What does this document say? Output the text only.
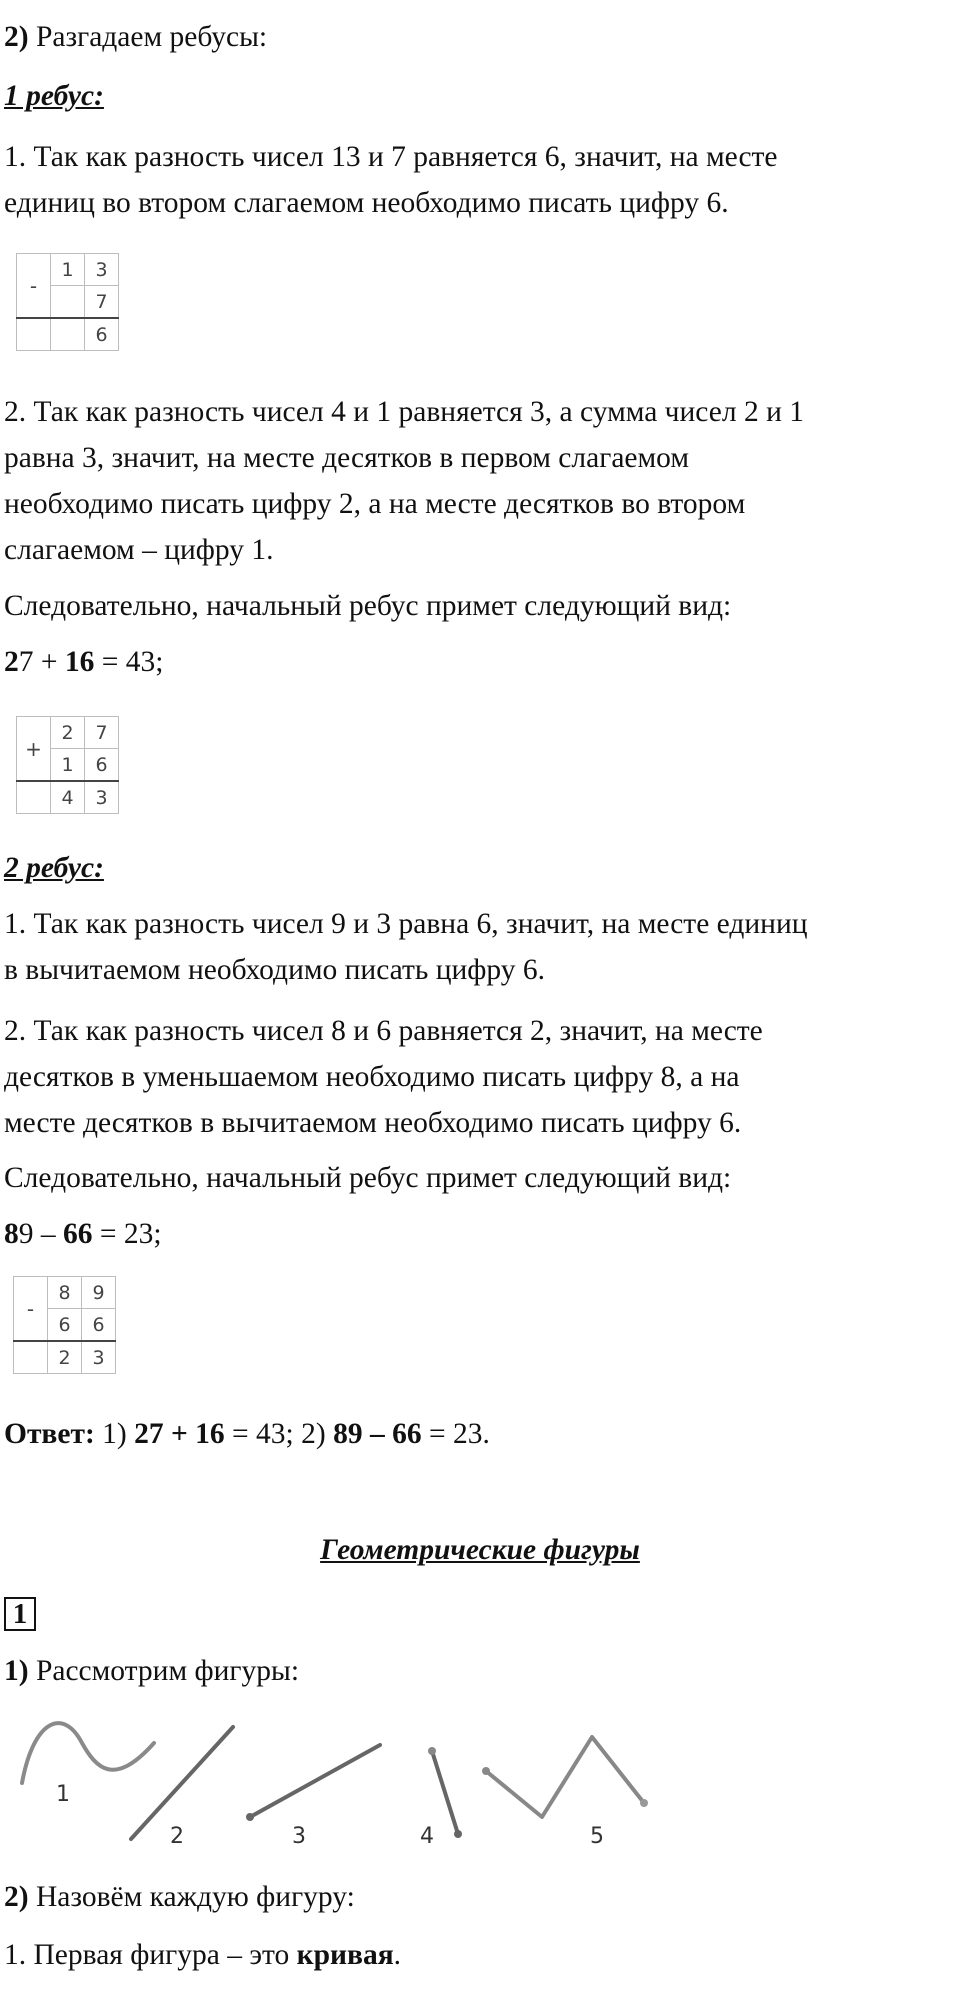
2) Разгадаем ребусы:

1 ребус:

1. Так как разность чисел 13 и 7 равняется 6, значит, на месте

единиц во втором слагаемом необходимо писать цифру 6.

-	1	3
		7
		6

2. Так как разность чисел 4 и 1 равняется 3, а сумма чисел 2 и 1

равна 3, значит, на месте десятков в первом слагаемом

необходимо писать цифру 2, а на месте десятков во втором

слагаемом – цифру 1.

Следовательно, начальный ребус примет следующий вид:

27 + 16 = 43;

+	2	7
	1	6
	4	3

2 ребус:

1. Так как разность чисел 9 и 3 равна 6, значит, на месте единиц

в вычитаемом необходимо писать цифру 6.

2. Так как разность чисел 8 и 6 равняется 2, значит, на месте

десятков в уменьшаемом необходимо писать цифру 8, а на

месте десятков в вычитаемом необходимо писать цифру 6.

Следовательно, начальный ребус примет следующий вид:

89 – 66 = 23;

-	8	9
	6	6
	2	3

Ответ: 1) 27 + 16 = 43; 2) 89 – 66 = 23.

Геометрические фигуры

1

1) Рассмотрим фигуры:

1
2	3	4	5

2) Назовём каждую фигуру:

1. Первая фигура – это кривая.
